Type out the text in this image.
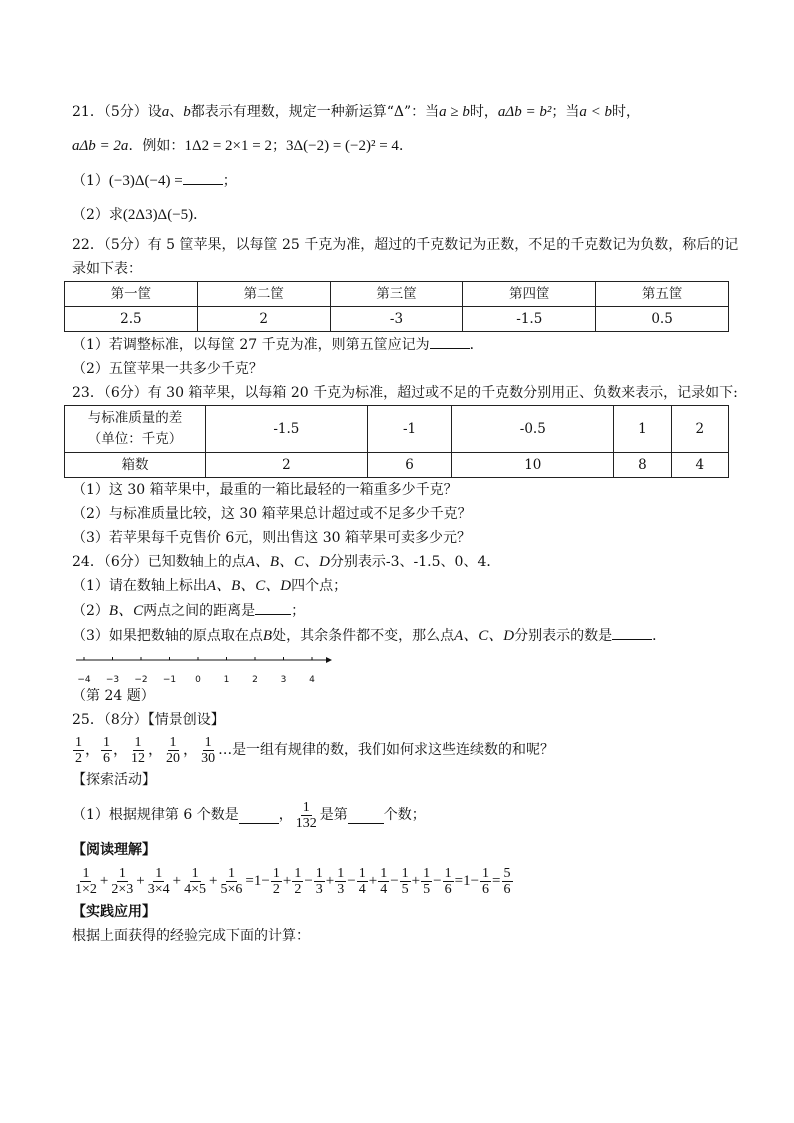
21．（5分）设a、b都表示有理数，规定一种新运算“Δ”：当a ≥ b时，aΔb = b²；当a < b时，
aΔb = 2a．例如：1Δ2 = 2×1 = 2；3Δ(−2) = (−2)² = 4．
（1）(−3)Δ(−4) =	；
（2）求(2Δ3)Δ(−5)．
22．（5分）有 5 筐苹果，以每筐 25 千克为准，超过的千克数记为正数，不足的千克数记为负数，称后的记
录如下表：
第一筐	第二筐	第三筐	第四筐	第五筐
2.5	2	-3	-1.5	0.5
（1）若调整标准，以每筐 27 千克为准，则第五筐应记为	．
（2）五筐苹果一共多少千克？
23．（6分）有 30 箱苹果，以每箱 20 千克为标准，超过或不足的千克数分别用正、负数来表示，记录如下:
与标准质量的差
（单位：千克）	-1.5	-1	-0.5	1	2
箱数	2	6	10	8	4
（1）这 30 箱苹果中，最重的一箱比最轻的一箱重多少千克？
（2）与标准质量比较，这 30 箱苹果总计超过或不足多少千克？
（3）若苹果每千克售价 6元，则出售这 30 箱苹果可卖多少元？
24．（6分）已知数轴上的点A、B、C、D分别表示-3、-1.5、0、4．
（1）请在数轴上标出A、B、C、D四个点；
（2）B、C两点之间的距离是	；
（3）如果把数轴的原点取在点B处，其余条件都不变，那么点A、C、D分别表示的数是	．
−4 −3 −2 −1 0	1	2	3	4
（第 24 题）
25．（8分）【情景创设】
$\frac{1}{2}$ ， $\frac{1}{6}$ ， $\frac{1}{12}$ ， $\frac{1}{20}$ ， $\frac{1}{30}$ …是一组有规律的数，我们如何求这些连续数的和呢？
【探索活动】
（1）根据规律第 6 个数是	， $\frac{1}{132}$ 是第	个数；
【阅读理解】
$\frac{1}{1\times 2} + \frac{1}{2\times 3} + \frac{1}{3\times 4} + \frac{1}{4\times 5} + \frac{1}{5\times 6} = 1 - \frac{1}{2} + \frac{1}{2} - \frac{1}{3} + \frac{1}{3} - \frac{1}{4} + \frac{1}{4} - \frac{1}{5} + \frac{1}{5} - \frac{1}{6} = 1 - \frac{1}{6} = \frac{5}{6}$
【实践应用】
根据上面获得的经验完成下面的计算：
